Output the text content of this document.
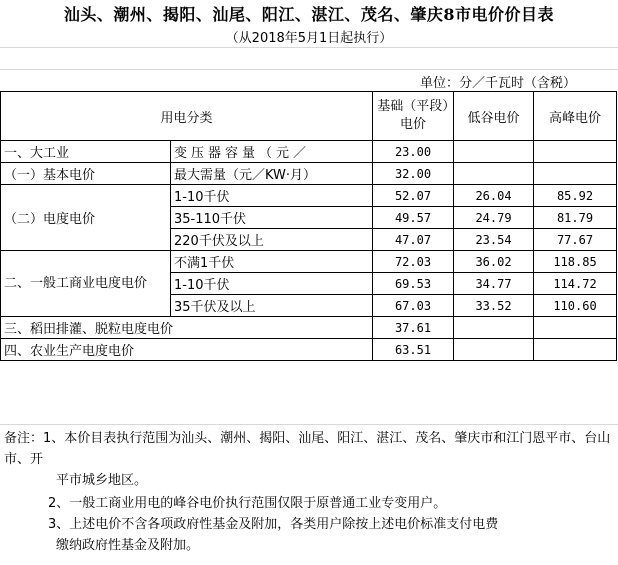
汕头、潮州、揭阳、汕尾、阳江、湛江、茂名、肇庆8市电价价目表
（从2018年5月1日起执行）
单位：分／千瓦时（含税）
用电分类		基础（平段）电价	低谷电价	高峰电价
一、大工业	变压器容量（元／	23.00		
（一）基本电价	最大需量（元／KW·月）	32.00		
（二）电度电价	1-10千伏	52.07	26.04	85.92
	35-110千伏	49.57	24.79	81.79
	220千伏及以上	47.07	23.54	77.67
二、一般工商业电度电价	不满1千伏	72.03	36.02	118.85
	1-10千伏	69.53	34.77	114.72
	35千伏及以上	67.03	33.52	110.60
三、稻田排灌、脱粒电度电价		37.61		
四、农业生产电度电价		63.51		

备注：1、本价目表执行范围为汕头、潮州、揭阳、汕尾、阳江、湛江、茂名、肇庆市和江门恩平市、台山市、开

平市城乡地区。

2、一般工商业用电的峰谷电价执行范围仅限于原普通工业专变用户。

3、上述电价不含各项政府性基金及附加，各类用户除按上述电价标准支付电费

缴纳政府性基金及附加。
